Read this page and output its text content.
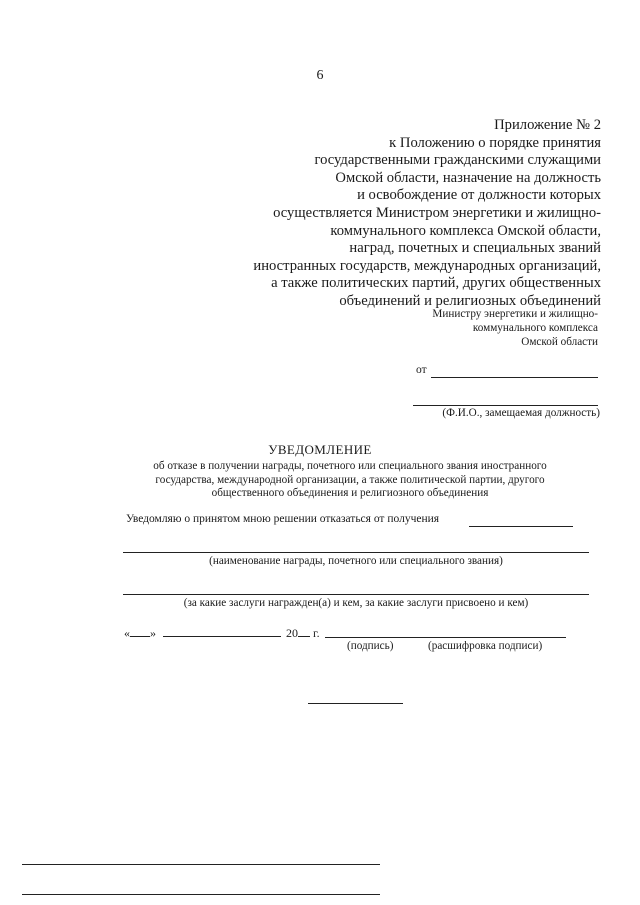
6
Приложение № 2
к Положению о порядке принятия
государственными гражданскими служащими
Омской области, назначение на должность
и освобождение от должности которых
осуществляется Министром энергетики и жилищно-
коммунального комплекса Омской области,
наград, почетных и специальных званий
иностранных государств, международных организаций,
а также политических партий, других общественных
объединений и религиозных объединений
Министру энергетики и жилищно-
коммунального комплекса
Омской области
от
(Ф.И.О., замещаемая должность)
УВЕДОМЛЕНИЕ
об отказе в получении награды, почетного или специального звания иностранного
государства, международной организации, а также политической партии, другого
общественного объединения и религиозного объединения
Уведомляю о принятом мною решении отказаться от получения
(наименование награды, почетного или специального звания)
(за какие заслуги награжден(а) и кем, за какие заслуги присвоено и кем)
« »	20 г.
(подпись)	(расшифровка подписи)
